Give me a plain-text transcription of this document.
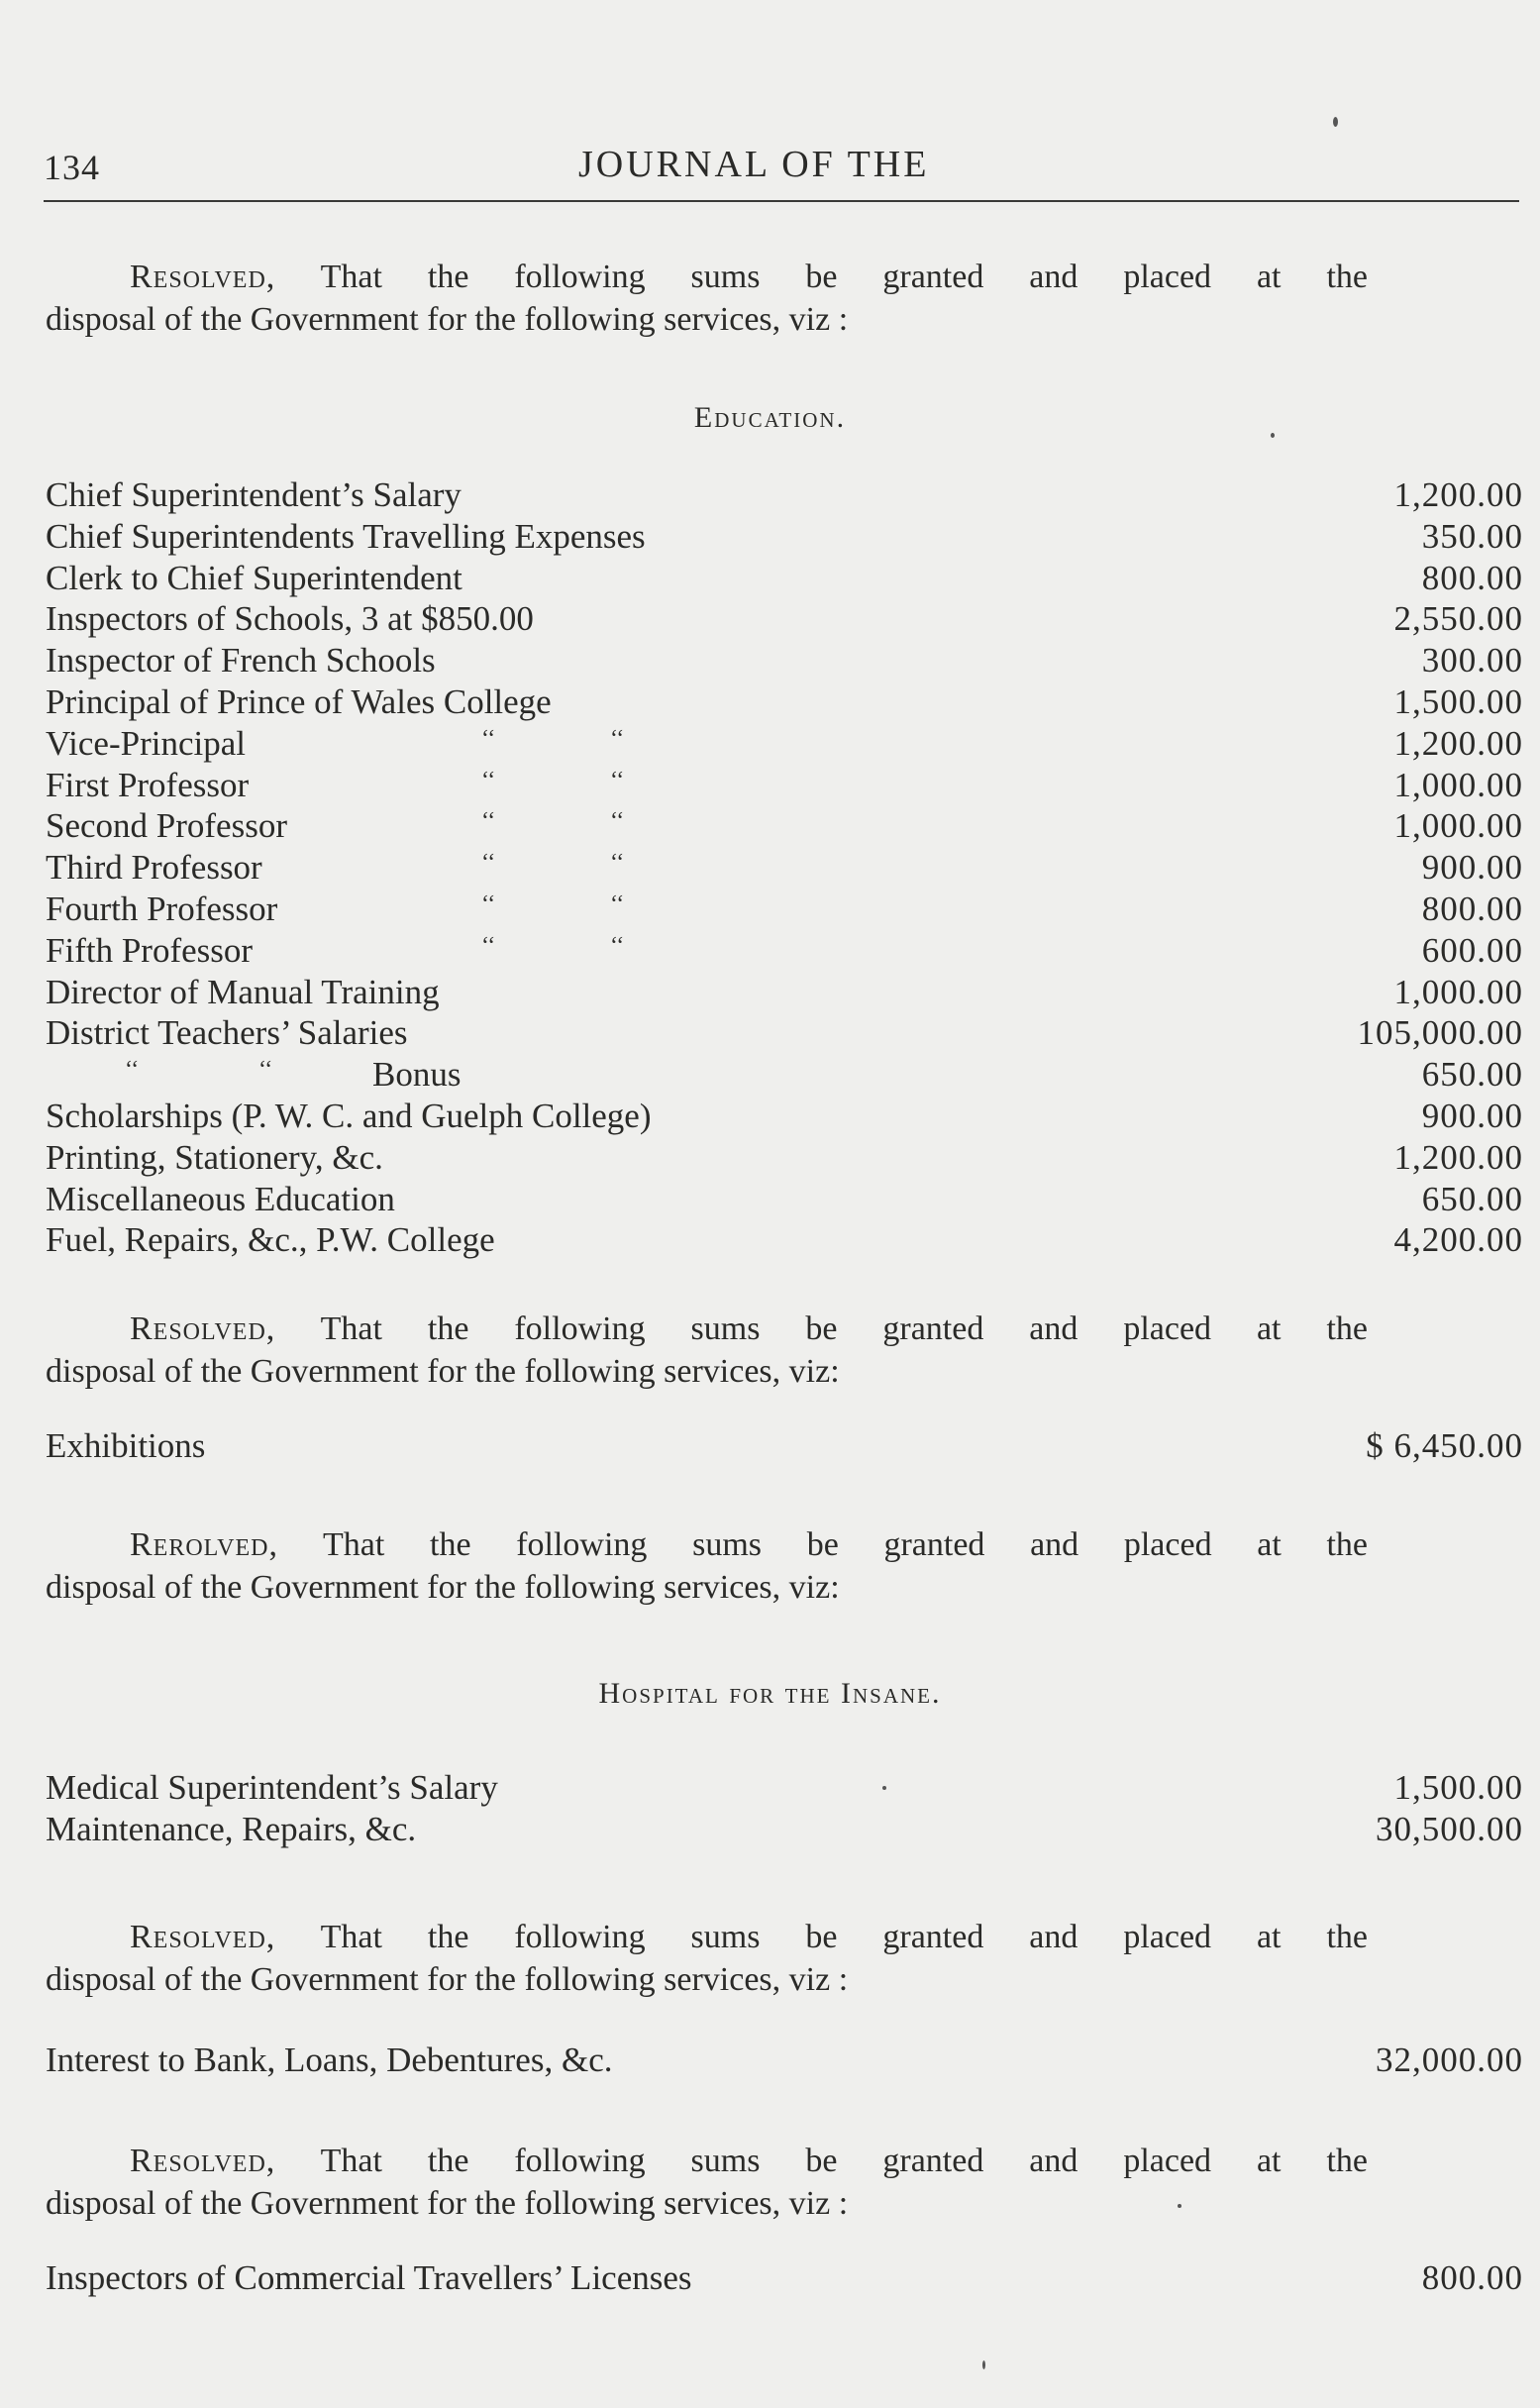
134	JOURNAL OF THE
Resolved, That the following sums be granted and placed at the
disposal of the Government for the following services, viz :
Education.
Chief Superintendent’s Salary	1,200.00
Chief Superintendents Travelling Expenses	350.00
Clerk to Chief Superintendent	800.00
Inspectors of Schools, 3 at $850.00	2,550.00
Inspector of French Schools	300.00
Principal of Prince of Wales College	1,500.00
Vice-Principal	‘‘	‘‘	1,200.00
First Professor	‘‘	‘‘	1,000.00
Second Professor	‘‘	‘‘	1,000.00
Third Professor	‘‘	‘‘	900.00
Fourth Professor	‘‘	‘‘	800.00
Fifth Professor	‘‘	‘‘	600.00
Director of Manual Training	1,000.00
District Teachers’ Salaries	105,000.00
‘‘	‘‘	Bonus	650.00
Scholarships (P. W. C. and Guelph College)	900.00
Printing, Stationery, &c.	1,200.00
Miscellaneous Education	650.00
Fuel, Repairs, &c., P.W. College	4,200.00
Resolved, That the following sums be granted and placed at the
disposal of the Government for the following services, viz:
Exhibitions	$ 6,450.00
Rerolved, That the following sums be granted and placed at the
disposal of the Government for the following services, viz:
Hospital for the Insane.
Medical Superintendent’s Salary	1,500.00
Maintenance, Repairs, &c.	30,500.00
Resolved, That the following sums be granted and placed at the
disposal of the Government for the following services, viz :
Interest to Bank, Loans, Debentures, &c.	32,000.00
Resolved, That the following sums be granted and placed at the
disposal of the Government for the following services, viz :
Inspectors of Commercial Travellers’ Licenses	800.00
